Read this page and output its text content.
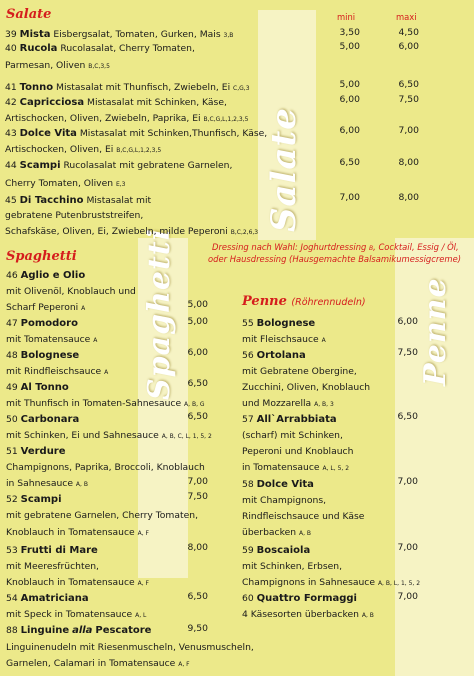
Salate
Spaghetti	Penne
Salate	mini	maxi
39 Mista Eisbergsalat, Tomaten, Gurken, Mais 3,B	3,50	4,50
40 Rucola Rucolasalat, Cherry Tomaten,
Parmesan, Oliven B,C,3,5
5,00	6,00
41 Tonno Mistasalat mit Thunfisch, Zwiebeln, Ei C,G,3	5,00	6,50
42 Capricciosa Mistasalat mit Schinken, Käse,
Artischocken, Oliven, Zwiebeln, Paprika, Ei B,C,G,L,1,2,3,5
6,00	7,50
43 Dolce Vita Mistasalat mit Schinken,Thunfisch, Käse,
Artischocken, Oliven, Ei B,C,G,L,1,2,3,5
6,00	7,00
44 Scampi Rucolasalat mit gebratene Garnelen,
Cherry Tomaten, Oliven E,3
6,50	8,00
45 Di Tacchino Mistasalat mit
gebratene Putenbruststreifen,
Schafskäse, Oliven, Ei, Zwiebeln, milde Peperoni B,C,2,6,3
7,00	8,00
Dressing nach Wahl: Joghurtdressing B, Cocktail, Essig / Öl,
oder Hausdressing (Hausgemachte Balsamikumessigcreme)
Spaghetti
46 Aglio e Olio
mit Olivenöl, Knoblauch und
Scharf Peperoni A	5,00
47 Pomodoro
mit Tomatensauce A
5,00
48 Bolognese
mit Rindfleischsauce A
6,00
49 Al Tonno
mit Thunfisch in Tomaten-Sahnesauce A, B, G
6,50
50 Carbonara
mit Schinken, Ei und Sahnesauce A, B, C, L, 1, 5, 2
6,50
51 Verdure
Champignons, Paprika, Broccoli, Knoblauch
in Sahnesauce A, B	7,00
52 Scampi
mit gebratene Garnelen, Cherry Tomaten,
Knoblauch in Tomatensauce A, F
7,50
53 Frutti di Mare
mit Meeresfrüchten,
Knoblauch in Tomatensauce A, F
8,00
54 Amatriciana
mit Speck in Tomatensauce A, L
6,50
88 Linguine alla Pescatore
Linguinenudeln mit Riesenmuscheln, Venusmuscheln,
Garnelen, Calamari in Tomatensauce A, F
9,50
Penne (Röhrennudeln)
55 Bolognese
mit Fleischsauce A
6,00
56 Ortolana
mit Gebratene Obergine,
Zucchini, Oliven, Knoblauch
und Mozzarella A, B, 3
7,50
57 All`Arrabbiata
(scharf) mit Schinken,
Peperoni und Knoblauch
in Tomatensauce A, L, 5, 2
6,50
58 Dolce Vita
mit Champignons,
Rindfleischsauce und Käse
überbacken A, B
7,00
59 Boscaiola
mit Schinken, Erbsen,
Champignons in Sahnesauce A, B, L, 1, 5, 2
7,00
60 Quattro Formaggi
4 Käsesorten überbacken A, B
7,00
